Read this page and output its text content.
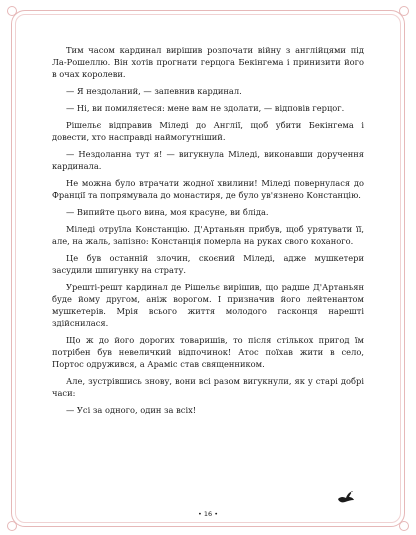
Тим часом кардинал вирішив розпочати війну з англійцями під Ла-Рошеллю. Він хотів прогнати герцога Бекінгема і принизити його в очах королеви.

— Я нездоланий, — запевнив кардинал.

— Ні, ви помиляєтеся: мене вам не здолати, — відповів герцог.

Рішельє відправив Міледі до Англії, щоб убити Бекінгема і довести, хто насправді наймогутніший.

— Нездоланна тут я! — вигукнула Міледі, виконавши доручення кардинала.

Не можна було втрачати жодної хвилини! Міледі повернулася до Франції та попрямувала до монастиря, де було ув'язнено Констанцію.

— Випийте цього вина, моя красуне, ви бліда.

Міледі отруїла Констанцію. Д'Артаньян прибув, щоб урятувати її, але, на жаль, запізно: Констанція померла на руках свого коханого.

Це був останній злочин, скоєний Міледі, адже мушкетери засудили шпигунку на страту.

Урешті-решт кардинал де Рішельє вирішив, що радше Д'Артаньян буде йому другом, аніж ворогом. І призначив його лейтенантом мушкетерів. Мрія всього життя молодого гасконця нарешті здійснилася.

Що ж до його дорогих товаришів, то після стількох пригод їм потрібен був невеличкий відпочинок! Атос поїхав жити в село, Портос одружився, а Араміс став священником.

Але, зустрівшись знову, вони всі разом вигукнули, як у старі добрі часи:

— Усі за одного, один за всіх!

• 16 •
